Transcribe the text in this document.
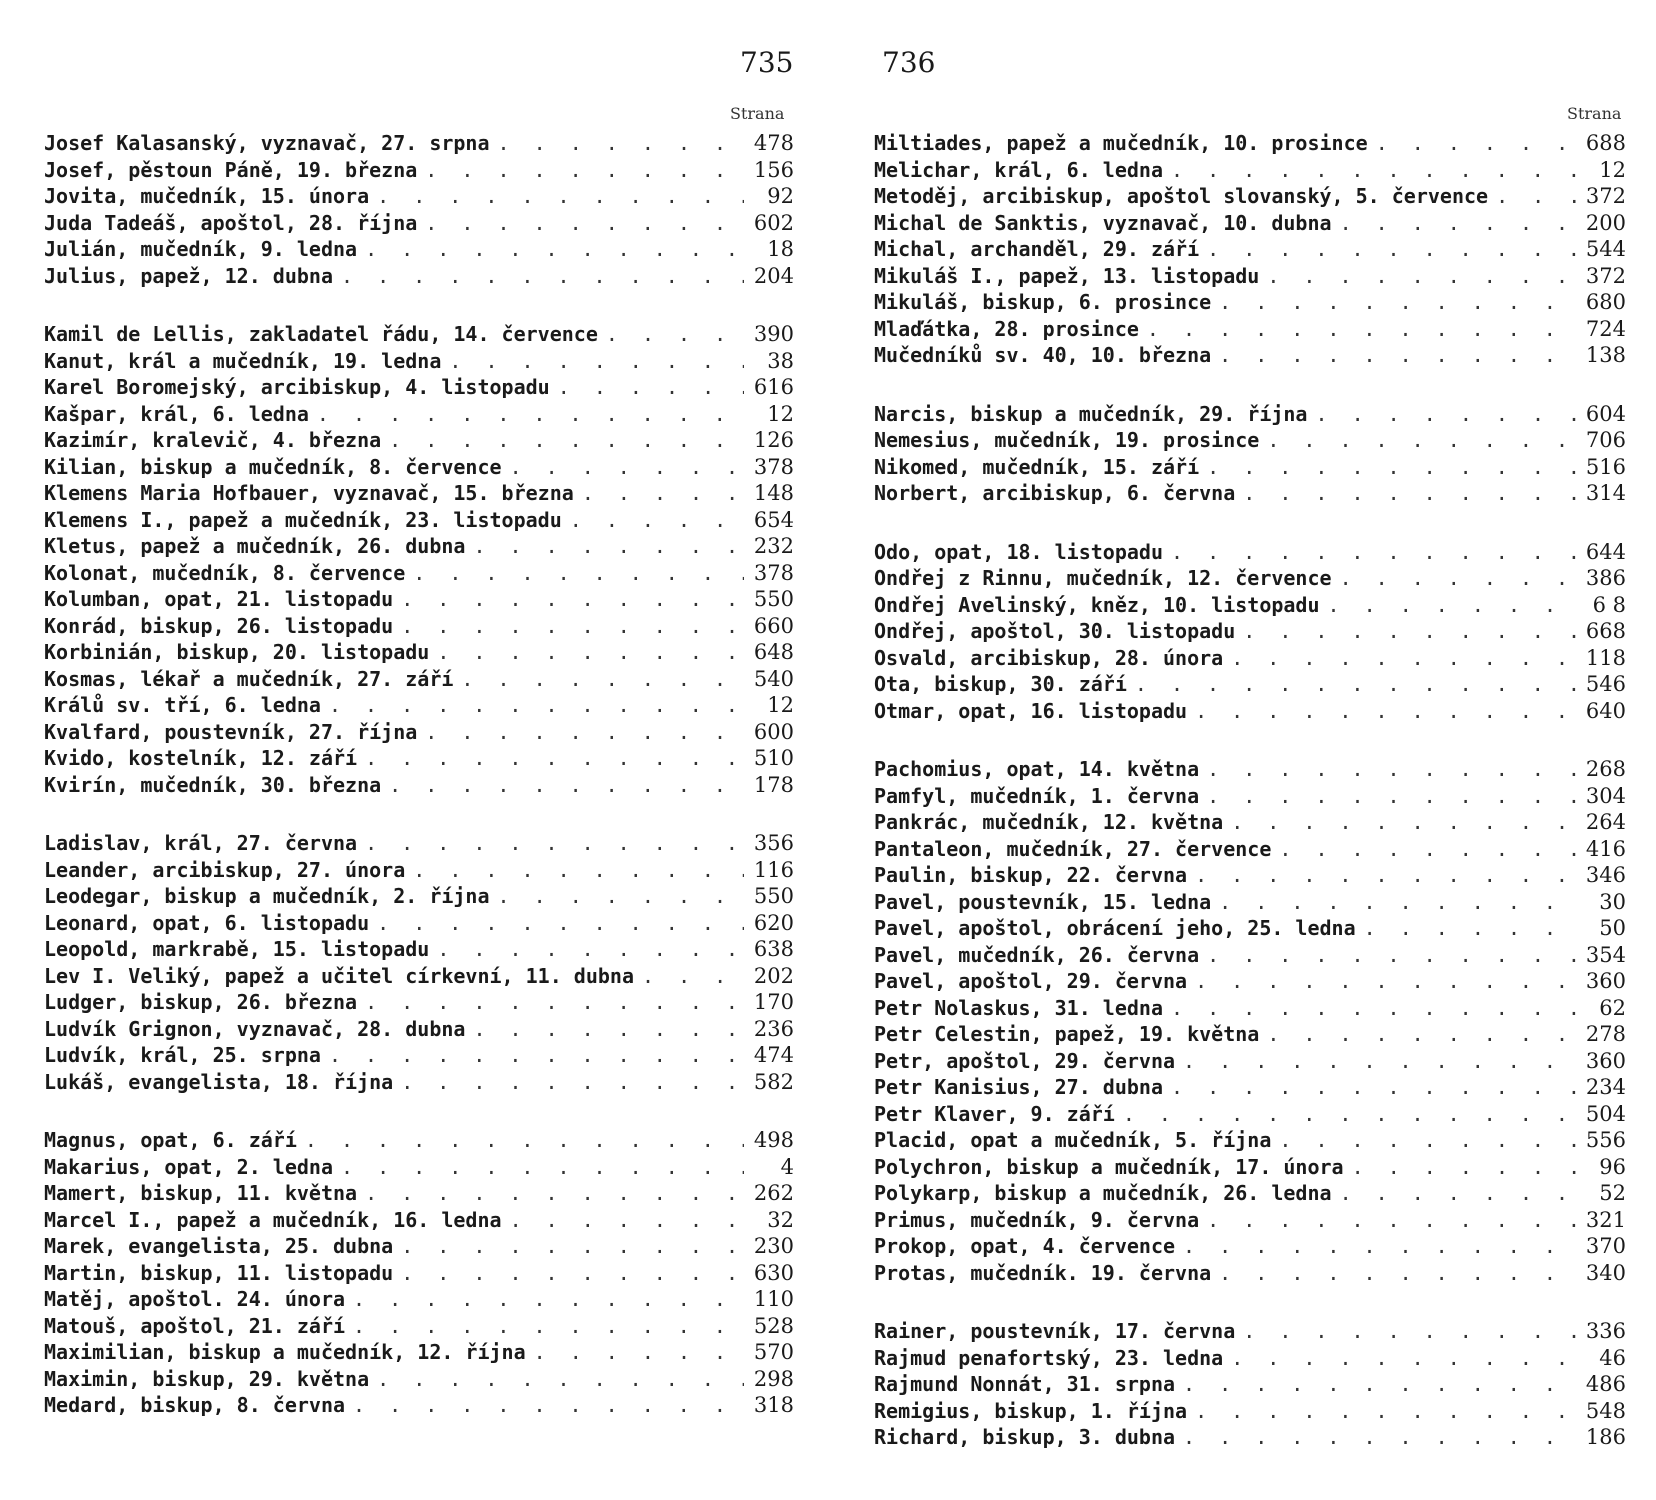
735	736
Strana	Strana
Josef Kalasanský, vyznavač, 27. srpna . . .	478
Josef, pěstoun Páně, 19. března . . .	156
Jovita, mučedník, 15. února . . .	92
Juda Tadeáš, apoštol, 28. října . . .	602
Julián, mučedník, 9. ledna . . .	18
Julius, papež, 12. dubna . . .	204
Kamil de Lellis, zakladatel řádu, 14. července . . .	390
Kanut, král a mučedník, 19. ledna . . .	38
Karel Boromejský, arcibiskup, 4. listopadu . . .	616
Kašpar, král, 6. ledna . . .	12
Kazimír, kralevič, 4. března . . .	126
Kilian, biskup a mučedník, 8. července . . .	378
Klemens Maria Hofbauer, vyznavač, 15. března . . .	148
Klemens I., papež a mučedník, 23. listopadu . . .	654
Kletus, papež a mučedník, 26. dubna . . .	232
Kolonat, mučedník, 8. července . . .	378
Kolumban, opat, 21. listopadu . . .	550
Konrád, biskup, 26. listopadu . . .	660
Korbinián, biskup, 20. listopadu . . .	648
Kosmas, lékař a mučedník, 27. září . . .	540
Králů sv. tří, 6. ledna . . .	12
Kvalfard, poustevník, 27. října . . .	600
Kvido, kostelník, 12. září . . .	510
Kvirín, mučedník, 30. března . . .	178
Ladislav, král, 27. června . . .	356
Leander, arcibiskup, 27. února . . .	116
Leodegar, biskup a mučedník, 2. října . . .	550
Leonard, opat, 6. listopadu . . .	620
Leopold, markrabě, 15. listopadu . . .	638
Lev I. Veliký, papež a učitel církevní, 11. dubna . . .	202
Ludger, biskup, 26. března . . .	170
Ludvík Grignon, vyznavač, 28. dubna . . .	236
Ludvík, král, 25. srpna . . .	474
Lukáš, evangelista, 18. října . . .	582
Magnus, opat, 6. září . . .	498
Makarius, opat, 2. ledna . . .	4
Mamert, biskup, 11. května . . .	262
Marcel I., papež a mučedník, 16. ledna . . .	32
Marek, evangelista, 25. dubna . . .	230
Martin, biskup, 11. listopadu . . .	630
Matěj, apoštol. 24. února . . .	110
Matouš, apoštol, 21. září . . .	528
Maximilian, biskup a mučedník, 12. října . . .	570
Maximin, biskup, 29. května . . .	298
Medard, biskup, 8. června . . .	318
Miltiades, papež a mučedník, 10. prosince . . .	688
Melichar, král, 6. ledna . . .	12
Metoděj, arcibiskup, apoštol slovanský, 5. července . . .	372
Michal de Sanktis, vyznavač, 10. dubna . . .	200
Michal, archanděl, 29. září . . .	544
Mikuláš I., papež, 13. listopadu . . .	372
Mikuláš, biskup, 6. prosince . . .	680
Mlaďátka, 28. prosince . . .	724
Mučedníků sv. 40, 10. března . . .	138
Narcis, biskup a mučedník, 29. října . . .	604
Nemesius, mučedník, 19. prosince . . .	706
Nikomed, mučedník, 15. září . . .	516
Norbert, arcibiskup, 6. června . . .	314
Odo, opat, 18. listopadu . . .	644
Ondřej z Rinnu, mučedník, 12. července . . .	386
Ondřej Avelinský, kněz, 10. listopadu . . .	6 8
Ondřej, apoštol, 30. listopadu . . .	668
Osvald, arcibiskup, 28. února . . .	118
Ota, biskup, 30. září . . .	546
Otmar, opat, 16. listopadu . . .	640
Pachomius, opat, 14. května . . .	268
Pamfyl, mučedník, 1. června . . .	304
Pankrác, mučedník, 12. května . . .	264
Pantaleon, mučedník, 27. července . . .	416
Paulin, biskup, 22. června . . .	346
Pavel, poustevník, 15. ledna . . .	30
Pavel, apoštol, obrácení jeho, 25. ledna . . .	50
Pavel, mučedník, 26. června . . .	354
Pavel, apoštol, 29. června . . .	360
Petr Nolaskus, 31. ledna . . .	62
Petr Celestin, papež, 19. května . . .	278
Petr, apoštol, 29. června . . .	360
Petr Kanisius, 27. dubna . . .	234
Petr Klaver, 9. září . . .	504
Placid, opat a mučedník, 5. října . . .	556
Polychron, biskup a mučedník, 17. února . . .	96
Polykarp, biskup a mučedník, 26. ledna . . .	52
Primus, mučedník, 9. června . . .	321
Prokop, opat, 4. července . . .	370
Protas, mučedník. 19. června . . .	340
Rainer, poustevník, 17. června . . .	336
Rajmud penafortský, 23. ledna . . .	46
Rajmund Nonnát, 31. srpna . . .	486
Remigius, biskup, 1. října . . .	548
Richard, biskup, 3. dubna . . .	186
